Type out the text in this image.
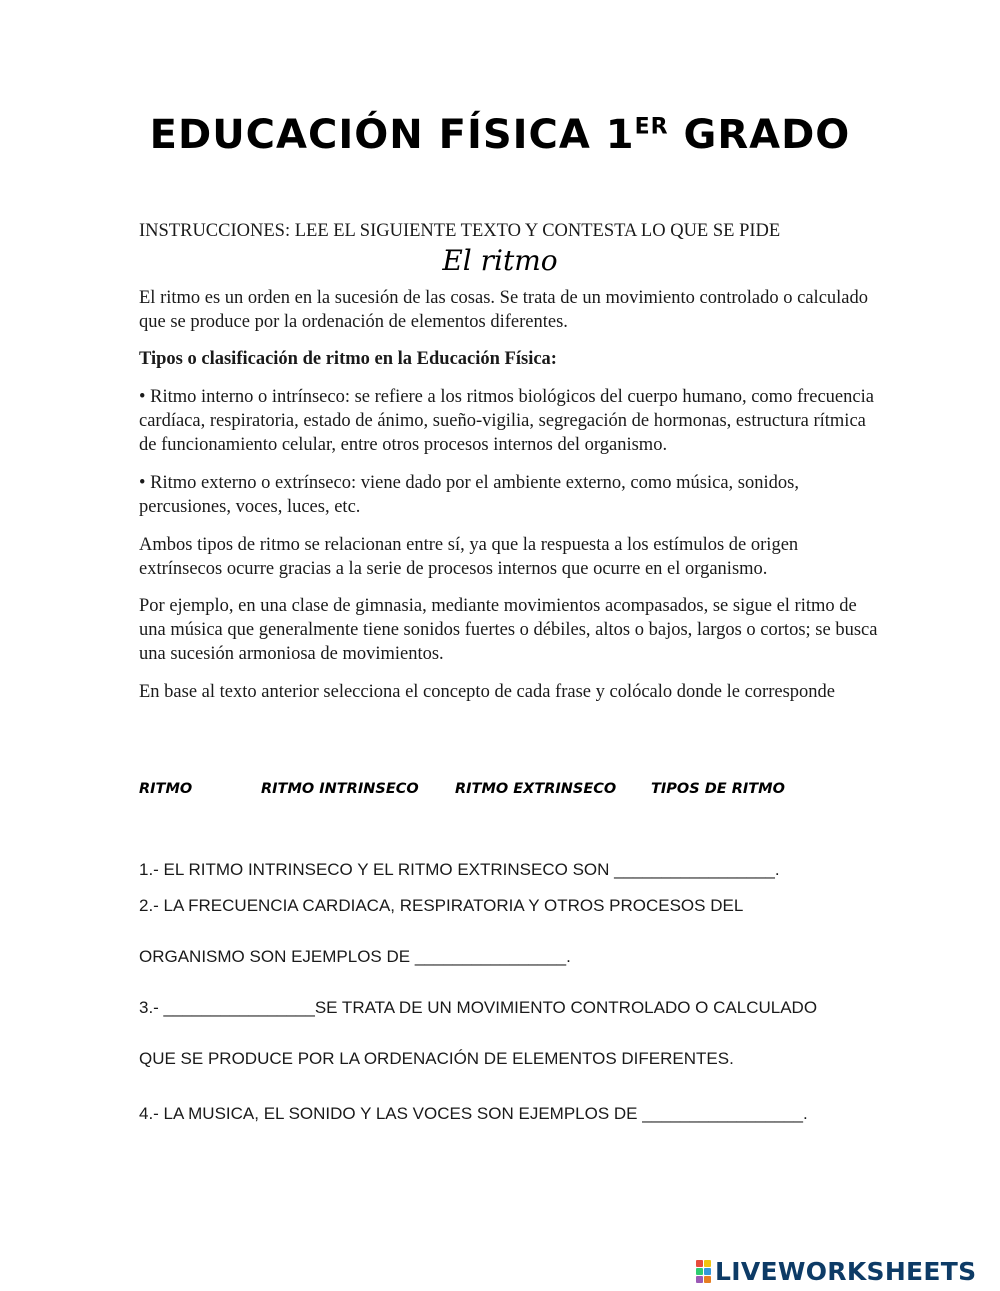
EDUCACIÓN FÍSICA 1ER GRADO
INSTRUCCIONES: LEE EL SIGUIENTE TEXTO Y CONTESTA LO QUE SE PIDE
El ritmo
El ritmo es un orden en la sucesión de las cosas. Se trata de un movimiento controlado o calculado que se produce por la ordenación de elementos diferentes.
Tipos o clasificación de ritmo en la Educación Física:
• Ritmo interno o intrínseco: se refiere a los ritmos biológicos del cuerpo humano, como frecuencia cardíaca, respiratoria, estado de ánimo, sueño-vigilia, segregación de hormonas, estructura rítmica de funcionamiento celular, entre otros procesos internos del organismo.
• Ritmo externo o extrínseco: viene dado por el ambiente externo, como música, sonidos, percusiones, voces, luces, etc.
Ambos tipos de ritmo se relacionan entre sí, ya que la respuesta a los estímulos de origen extrínsecos ocurre gracias a la serie de procesos internos que ocurre en el organismo.
Por ejemplo, en una clase de gimnasia, mediante movimientos acompasados, se sigue el ritmo de una música que generalmente tiene sonidos fuertes o débiles, altos o bajos, largos o cortos; se busca una sucesión armoniosa de movimientos.
En base al texto anterior selecciona el concepto de cada frase y colócalo donde le corresponde
RITMO	RITMO INTRINSECO	RITMO EXTRINSECO TIPOS DE RITMO
1.- EL RITMO INTRINSECO Y EL RITMO EXTRINSECO SON _________________.
2.- LA FRECUENCIA CARDIACA, RESPIRATORIA Y OTROS PROCESOS DEL
ORGANISMO SON EJEMPLOS DE ________________.
3.- ________________SE TRATA DE UN MOVIMIENTO CONTROLADO O CALCULADO
QUE SE PRODUCE POR LA ORDENACIÓN DE ELEMENTOS DIFERENTES.
4.- LA MUSICA, EL SONIDO Y LAS VOCES SON EJEMPLOS DE _________________.
LIVEWORKSHEETS
